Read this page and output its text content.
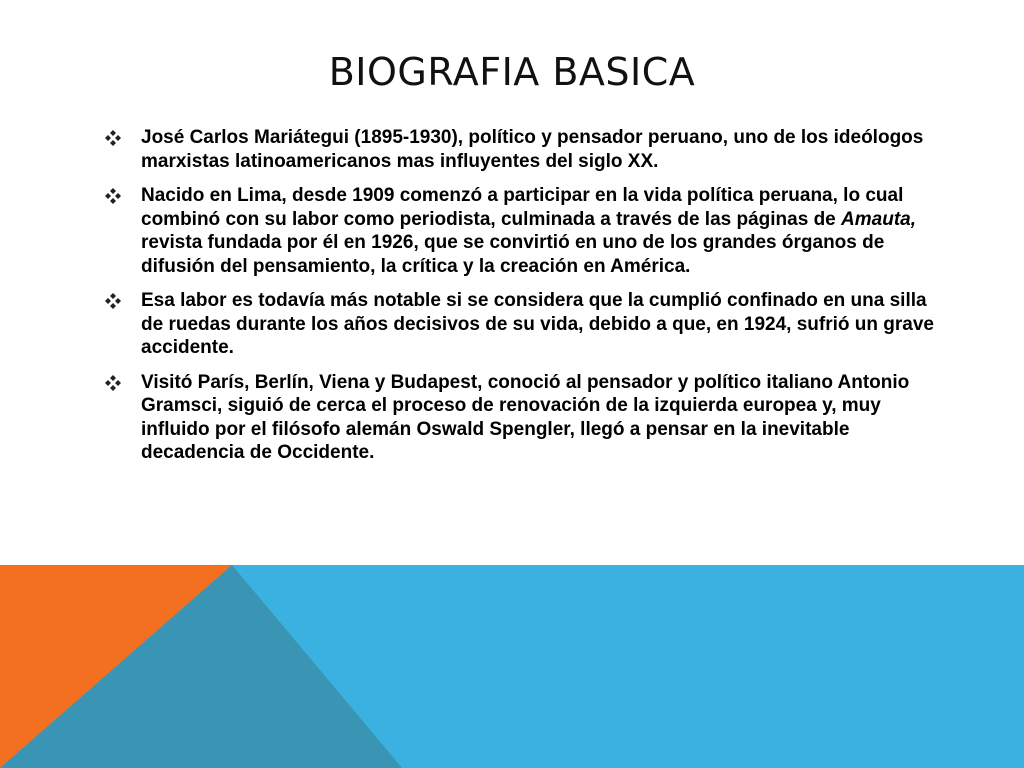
BIOGRAFIA BASICA
José Carlos Mariátegui (1895-1930), político y pensador peruano, uno de los ideólogos marxistas latinoamericanos mas influyentes del siglo XX.
Nacido en Lima, desde 1909 comenzó a participar en la vida política peruana, lo cual combinó con su labor como periodista, culminada a través de las páginas de Amauta, revista fundada por él en 1926, que se convirtió en uno de los grandes órganos de difusión del pensamiento, la crítica y la creación en América.
Esa labor es todavía más notable si se considera que la cumplió confinado en una silla de ruedas durante los años decisivos de su vida, debido a que, en 1924, sufrió un grave accidente.
Visitó París, Berlín, Viena y Budapest, conoció al pensador y político italiano Antonio Gramsci, siguió de cerca el proceso de renovación de la izquierda europea y, muy influido por el filósofo alemán Oswald Spengler, llegó a pensar en la inevitable decadencia de Occidente.
